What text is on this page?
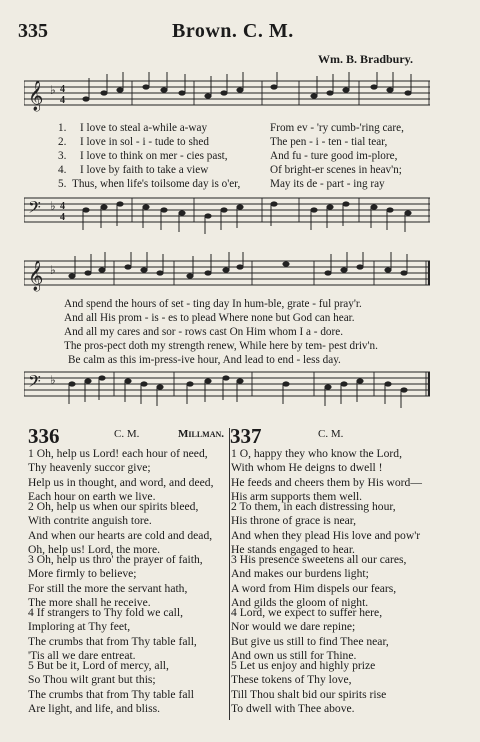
335	Brown. C. M.
Wm. B. Bradbury.
𝄞 ♭ 4
4
1. I love to steal a-while a-way	From ev - 'ry cumb-'ring care,
2. I love in sol - i - tude to shed	The pen - i - ten - tial tear,
3. I love to think on mer - cies past,	And fu - ture good im-plore,
4. I love by faith to take a view	Of bright-er scenes in heav'n;
5. Thus, when life's toilsome day is o'er,	May its de - part - ing ray
𝄢 ♭ 4
4
𝄞 ♭
And spend the hours of set - ting day In hum-ble, grate - ful pray'r.
And all His prom - is - es to plead Where none but God can hear.
And all my cares and sor - rows cast On Him whom I a - dore.
The pros-pect doth my strength renew, While here by tem- pest driv'n.
Be calm as this im-press-ive hour, And lead to end - less day.
𝄢 ♭
336	C. M.	Millman. 337	C. M.
1 Oh, help us Lord! each hour of need,
Thy heavenly succor give;
Help us in thought, and word, and deed,
Each hour on earth we live.
2 Oh, help us when our spirits bleed,
With contrite anguish tore.
And when our hearts are cold and dead,
Oh, help us! Lord, the more.
3 Oh, help us thro' the prayer of faith,
More firmly to believe;
For still the more the servant hath,
The more shall he receive.
4 If strangers to Thy fold we call,
Imploring at Thy feet,
The crumbs that from Thy table fall,
'Tis all we dare entreat.
5 But be it, Lord of mercy, all,
So Thou wilt grant but this;
The crumbs that from Thy table fall
Are light, and life, and bliss.
1 O, happy they who know the Lord,
With whom He deigns to dwell !
He feeds and cheers them by His word—
His arm supports them well.
2 To them, in each distressing hour,
His throne of grace is near,
And when they plead His love and pow'r
He stands engaged to hear.
3 His presence sweetens all our cares,
And makes our burdens light;
A word from Him dispels our fears,
And gilds the gloom of night.
4 Lord, we expect to suffer here,
Nor would we dare repine;
But give us still to find Thee near,
And own us still for Thine.
5 Let us enjoy and highly prize
These tokens of Thy love,
Till Thou shalt bid our spirits rise
To dwell with Thee above.
